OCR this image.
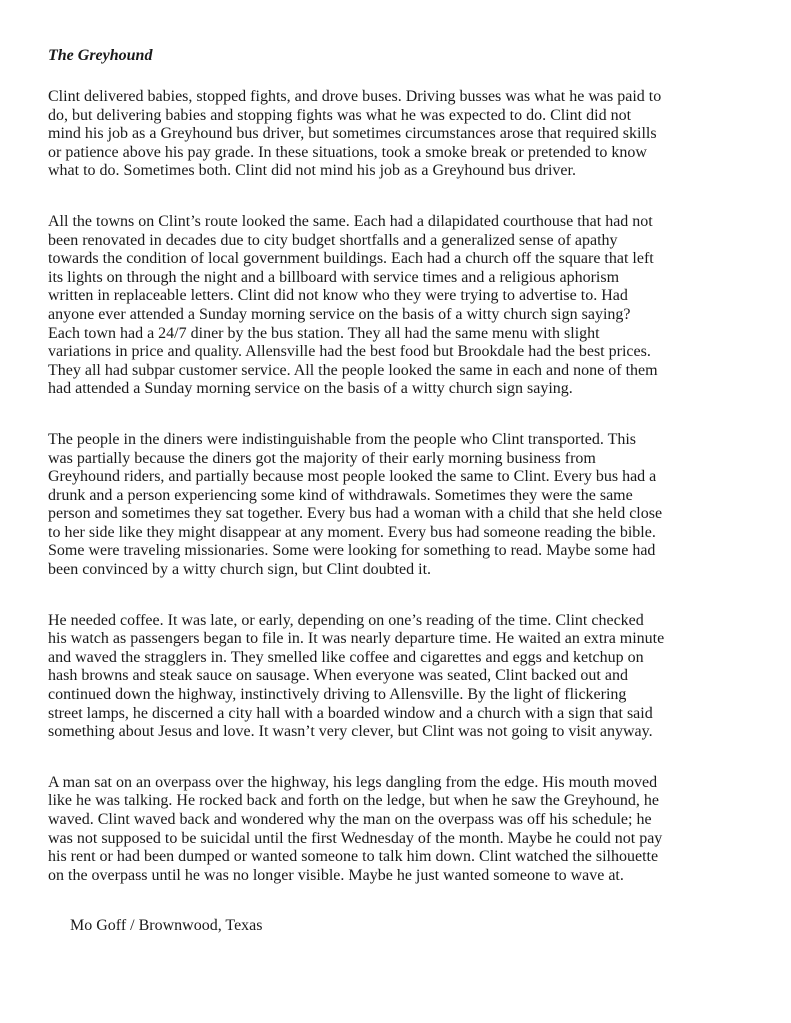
The Greyhound

Clint delivered babies, stopped fights, and drove buses. Driving busses was what he was paid to
do, but delivering babies and stopping fights was what he was expected to do. Clint did not
mind his job as a Greyhound bus driver, but sometimes circumstances arose that required skills
or patience above his pay grade. In these situations, took a smoke break or pretended to know
what to do. Sometimes both. Clint did not mind his job as a Greyhound bus driver.

All the towns on Clint’s route looked the same. Each had a dilapidated courthouse that had not
been renovated in decades due to city budget shortfalls and a generalized sense of apathy
towards the condition of local government buildings. Each had a church off the square that left
its lights on through the night and a billboard with service times and a religious aphorism
written in replaceable letters. Clint did not know who they were trying to advertise to. Had
anyone ever attended a Sunday morning service on the basis of a witty church sign saying?
Each town had a 24/7 diner by the bus station. They all had the same menu with slight
variations in price and quality. Allensville had the best food but Brookdale had the best prices.
They all had subpar customer service. All the people looked the same in each and none of them
had attended a Sunday morning service on the basis of a witty church sign saying.

The people in the diners were indistinguishable from the people who Clint transported. This
was partially because the diners got the majority of their early morning business from
Greyhound riders, and partially because most people looked the same to Clint. Every bus had a
drunk and a person experiencing some kind of withdrawals. Sometimes they were the same
person and sometimes they sat together. Every bus had a woman with a child that she held close
to her side like they might disappear at any moment. Every bus had someone reading the bible.
Some were traveling missionaries. Some were looking for something to read. Maybe some had
been convinced by a witty church sign, but Clint doubted it.

He needed coffee. It was late, or early, depending on one’s reading of the time. Clint checked
his watch as passengers began to file in. It was nearly departure time. He waited an extra minute
and waved the stragglers in. They smelled like coffee and cigarettes and eggs and ketchup on
hash browns and steak sauce on sausage. When everyone was seated, Clint backed out and
continued down the highway, instinctively driving to Allensville. By the light of flickering
street lamps, he discerned a city hall with a boarded window and a church with a sign that said
something about Jesus and love. It wasn’t very clever, but Clint was not going to visit anyway.

A man sat on an overpass over the highway, his legs dangling from the edge. His mouth moved
like he was talking. He rocked back and forth on the ledge, but when he saw the Greyhound, he
waved. Clint waved back and wondered why the man on the overpass was off his schedule; he
was not supposed to be suicidal until the first Wednesday of the month. Maybe he could not pay
his rent or had been dumped or wanted someone to talk him down. Clint watched the silhouette
on the overpass until he was no longer visible. Maybe he just wanted someone to wave at.

Mo Goff / Brownwood, Texas
